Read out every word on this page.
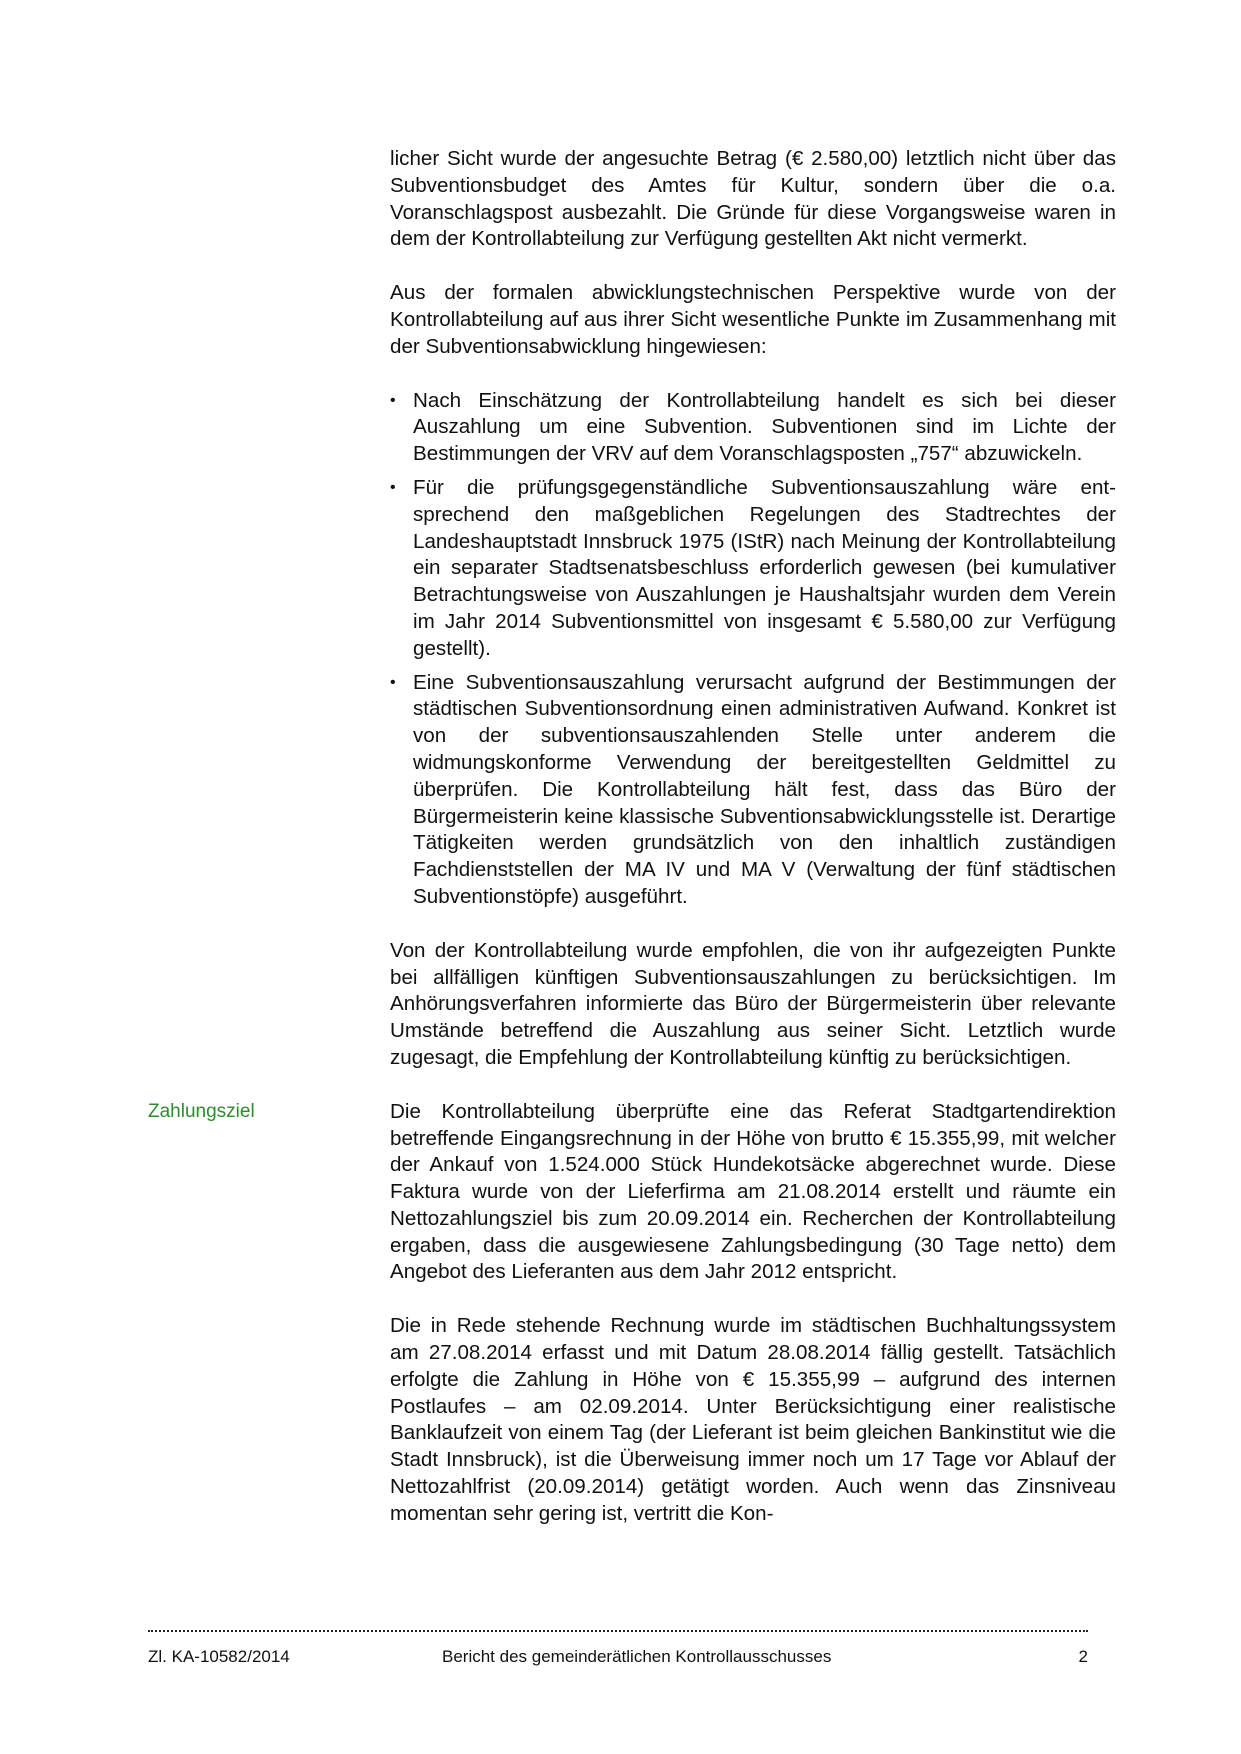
licher Sicht wurde der angesuchte Betrag (€ 2.580,00) letztlich nicht über das Subventionsbudget des Amtes für Kultur, sondern über die o.a. Voranschlagspost ausbezahlt. Die Gründe für diese Vorgangsweise waren in dem der Kontrollabteilung zur Verfügung gestellten Akt nicht vermerkt.

Aus der formalen abwicklungstechnischen Perspektive wurde von der Kontrollabteilung auf aus ihrer Sicht wesentliche Punkte im Zusammenhang mit der Subventionsabwicklung hingewiesen:

• Nach Einschätzung der Kontrollabteilung handelt es sich bei dieser Auszahlung um eine Subvention. Subventionen sind im Lichte der Bestimmungen der VRV auf dem Voranschlagsposten „757“ abzuwickeln.
• Für die prüfungsgegenständliche Subventionsauszahlung wäre entsprechend den maßgeblichen Regelungen des Stadtrechtes der Landeshauptstadt Innsbruck 1975 (IStR) nach Meinung der Kontrollabteilung ein separater Stadtsenatsbeschluss erforderlich gewesen (bei kumulativer Betrachtungsweise von Auszahlungen je Haushaltsjahr wurden dem Verein im Jahr 2014 Subventionsmittel von insgesamt € 5.580,00 zur Verfügung gestellt).
• Eine Subventionsauszahlung verursacht aufgrund der Bestimmungen der städtischen Subventionsordnung einen administrativen Aufwand. Konkret ist von der subventionsauszahlenden Stelle unter anderem die widmungskonforme Verwendung der bereitgestellten Geldmittel zu überprüfen. Die Kontrollabteilung hält fest, dass das Büro der Bürgermeisterin keine klassische Subventionsabwicklungsstelle ist. Derartige Tätigkeiten werden grundsätzlich von den inhaltlich zuständigen Fachdienststellen der MA IV und MA V (Verwaltung der fünf städtischen Subventionstöpfe) ausgeführt.

Von der Kontrollabteilung wurde empfohlen, die von ihr aufgezeigten Punkte bei allfälligen künftigen Subventionsauszahlungen zu berücksichtigen. Im Anhörungsverfahren informierte das Büro der Bürgermeisterin über relevante Umstände betreffend die Auszahlung aus seiner Sicht. Letztlich wurde zugesagt, die Empfehlung der Kontrollabteilung künftig zu berücksichtigen.

Zahlungsziel	Die Kontrollabteilung überprüfte eine das Referat Stadtgartendirektion betreffende Eingangsrechnung in der Höhe von brutto € 15.355,99, mit welcher der Ankauf von 1.524.000 Stück Hundekotsäcke abgerechnet wurde. Diese Faktura wurde von der Lieferfirma am 21.08.2014 erstellt und räumte ein Nettozahlungsziel bis zum 20.09.2014 ein. Recherchen der Kontrollabteilung ergaben, dass die ausgewiesene Zahlungsbedingung (30 Tage netto) dem Angebot des Lieferanten aus dem Jahr 2012 entspricht.

Die in Rede stehende Rechnung wurde im städtischen Buchhaltungssystem am 27.08.2014 erfasst und mit Datum 28.08.2014 fällig gestellt. Tatsächlich erfolgte die Zahlung in Höhe von € 15.355,99 – aufgrund des internen Postlaufes – am 02.09.2014. Unter Berücksichtigung einer realistische Banklaufzeit von einem Tag (der Lieferant ist beim gleichen Bankinstitut wie die Stadt Innsbruck), ist die Überweisung immer noch um 17 Tage vor Ablauf der Nettozahlfrist (20.09.2014) getätigt worden. Auch wenn das Zinsniveau momentan sehr gering ist, vertritt die Kon-

Zl. KA-10582/2014	Bericht des gemeinderätlichen Kontrollausschusses	2
